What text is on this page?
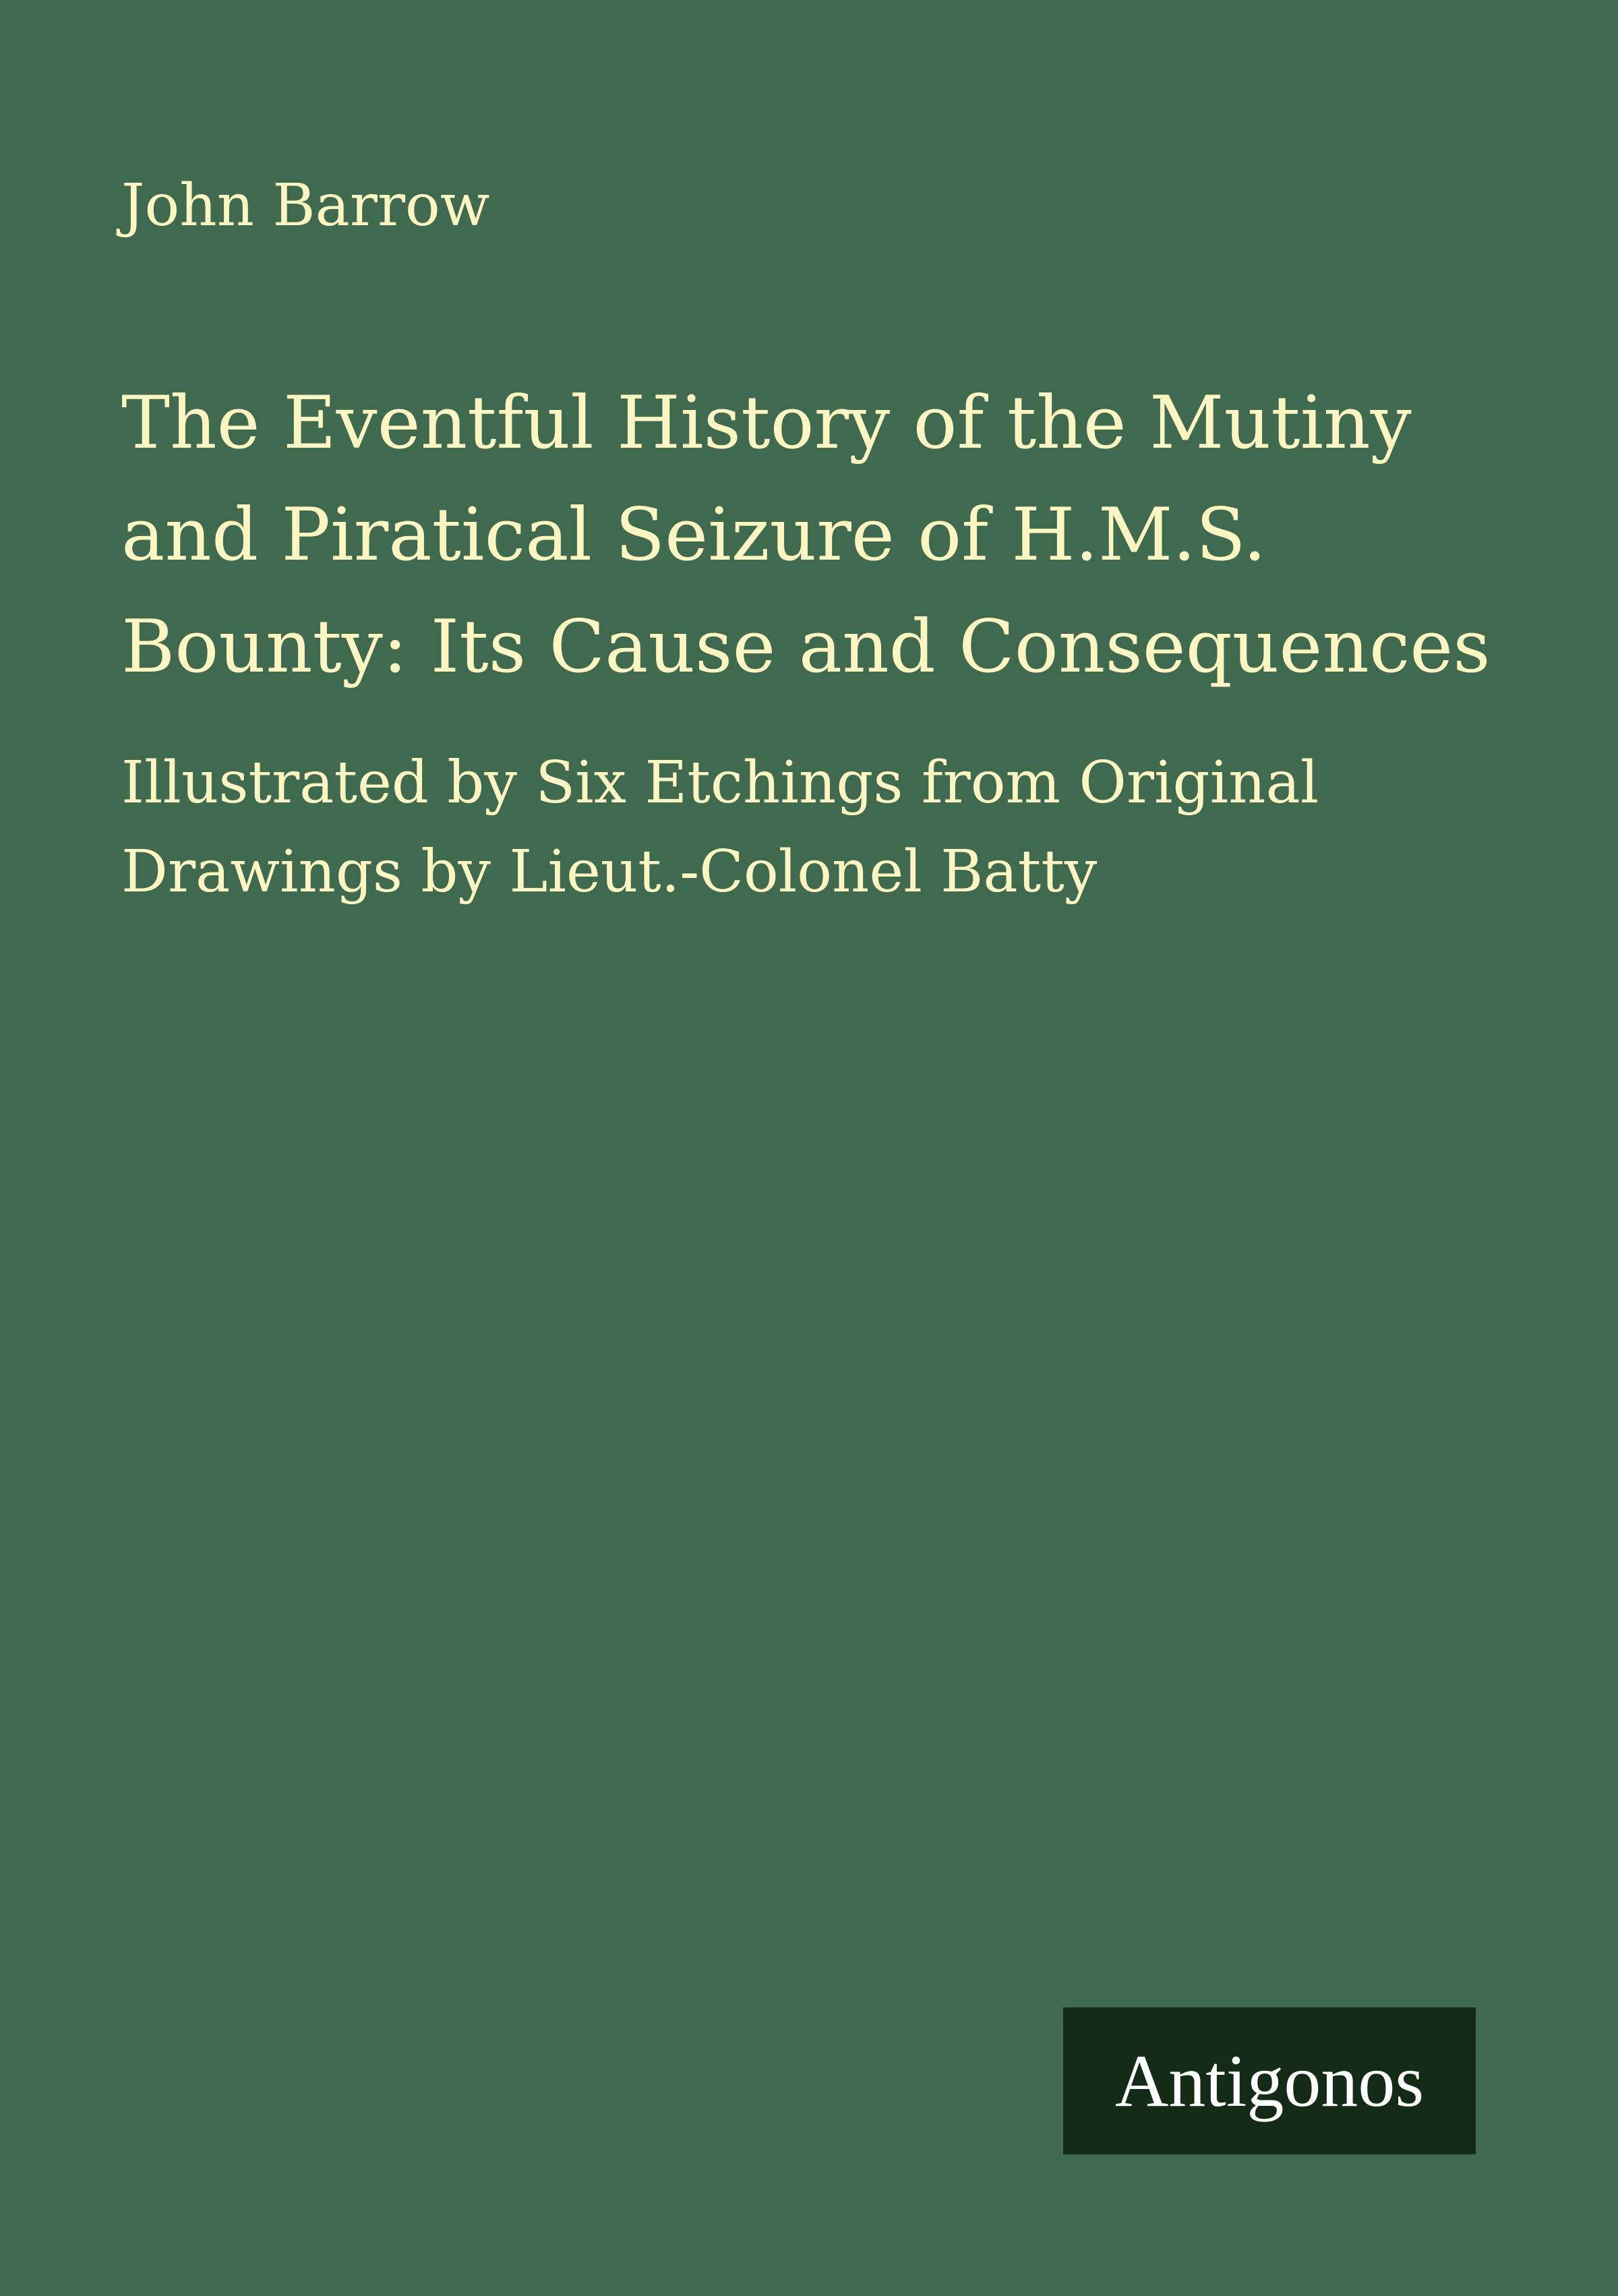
John Barrow

The Eventful History of the Mutiny
and Piratical Seizure of H.M.S.
Bounty: Its Cause and Consequences
Illustrated by Six Etchings from Original
Drawings by Lieut.-Colonel Batty
Antigonos
